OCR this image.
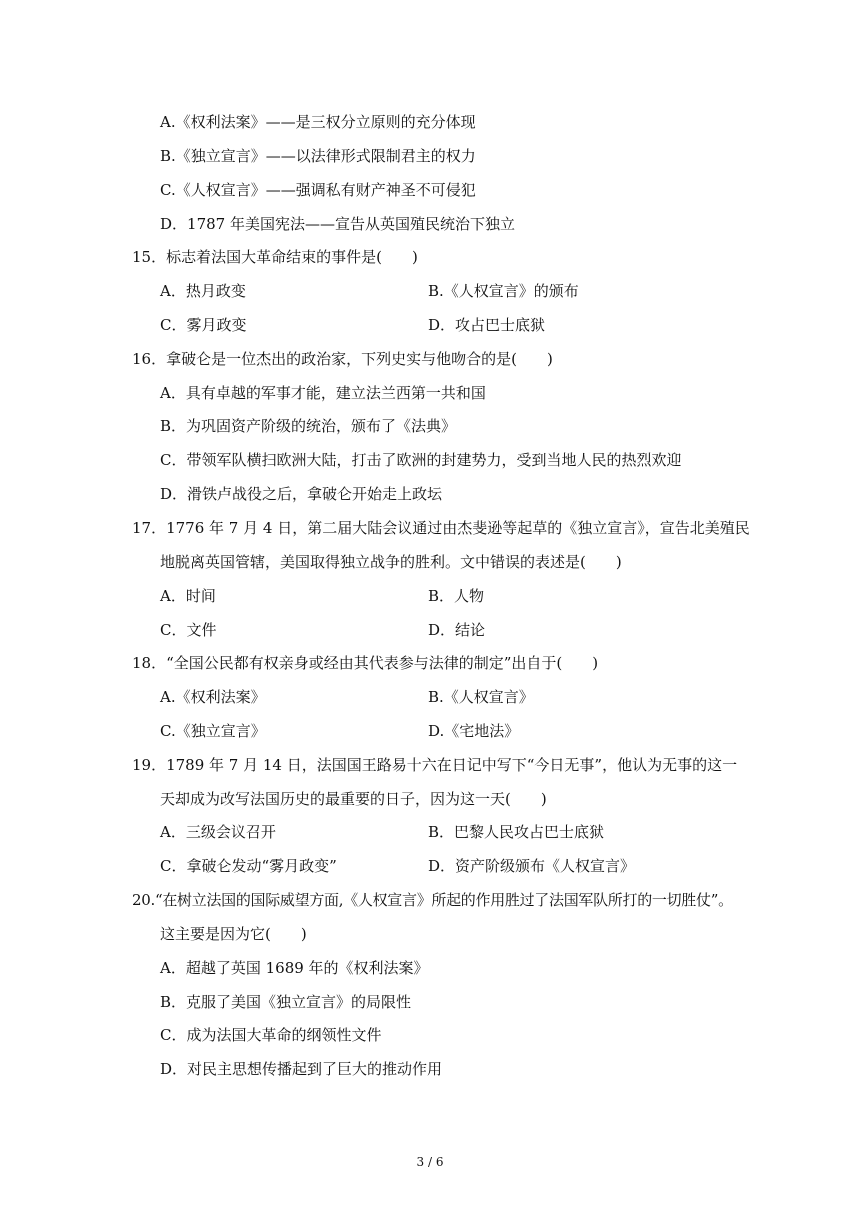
A.《权利法案》——是三权分立原则的充分体现
B.《独立宣言》——以法律形式限制君主的权力
C.《人权宣言》——强调私有财产神圣不可侵犯
D．1787 年美国宪法——宣告从英国殖民统治下独立
15．标志着法国大革命结束的事件是(　　)
A．热月政变	B.《人权宣言》的颁布
C．雾月政变	D．攻占巴士底狱
16．拿破仑是一位杰出的政治家，下列史实与他吻合的是(　　)
A．具有卓越的军事才能，建立法兰西第一共和国
B．为巩固资产阶级的统治，颁布了《法典》
C．带领军队横扫欧洲大陆，打击了欧洲的封建势力，受到当地人民的热烈欢迎
D．滑铁卢战役之后，拿破仑开始走上政坛
17．1776 年 7 月 4 日，第二届大陆会议通过由杰斐逊等起草的《独立宣言》，宣告北美殖民
地脱离英国管辖，美国取得独立战争的胜利。文中错误的表述是(　　)
A．时间	B．人物
C．文件	D．结论
18．“全国公民都有权亲身或经由其代表参与法律的制定”出自于(　　)
A.《权利法案》	B.《人权宣言》
C.《独立宣言》	D.《宅地法》
19．1789 年 7 月 14 日，法国国王路易十六在日记中写下“今日无事”，他认为无事的这一
天却成为改写法国历史的最重要的日子，因为这一天(　　)
A．三级会议召开	B．巴黎人民攻占巴士底狱
C．拿破仑发动“雾月政变”	D．资产阶级颁布《人权宣言》
20.“在树立法国的国际威望方面,《人权宣言》所起的作用胜过了法国军队所打的一切胜仗”。
这主要是因为它(　　)
A．超越了英国 1689 年的《权利法案》
B．克服了美国《独立宣言》的局限性
C．成为法国大革命的纲领性文件
D．对民主思想传播起到了巨大的推动作用
3 / 6
